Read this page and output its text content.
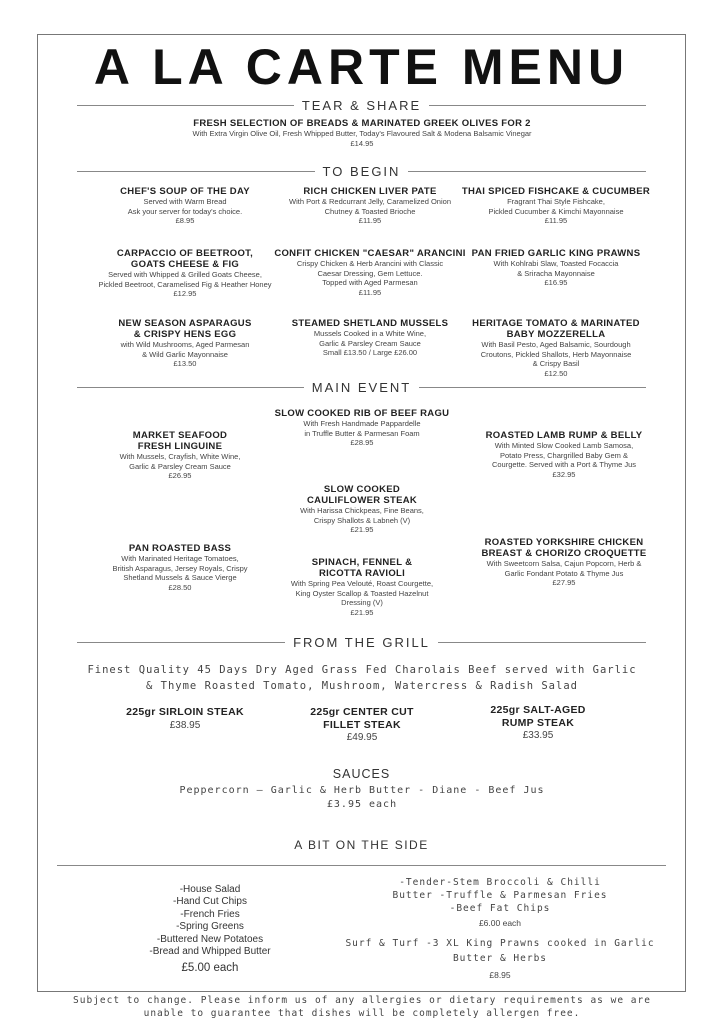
A LA CARTE MENU
TEAR & SHARE
FRESH SELECTION OF BREADS & MARINATED GREEK OLIVES FOR 2
With Extra Virgin Olive Oil, Fresh Whipped Butter, Today's Flavoured Salt & Modena Balsamic Vinegar
£14.95
TO BEGIN
CHEF'S SOUP OF THE DAY
Served with Warm Bread
Ask your server for today's choice.
£8.95
RICH CHICKEN LIVER PATE
With Port & Redcurrant Jelly, Caramelized Onion
Chutney & Toasted Brioche
£11.95
THAI SPICED FISHCAKE & CUCUMBER
Fragrant Thai Style Fishcake,
Pickled Cucumber & Kimchi Mayonnaise
£11.95
CARPACCIO OF BEETROOT,
GOATS CHEESE & FIG
Served with Whipped & Grilled Goats Cheese,
Pickled Beetroot, Caramelised Fig & Heather Honey
£12.95
CONFIT CHICKEN "CAESAR" ARANCINI
Crispy Chicken & Herb Arancini with Classic
Caesar Dressing, Gem Lettuce.
Topped with Aged Parmesan
£11.95
PAN FRIED GARLIC KING PRAWNS
With Kohlrabi Slaw, Toasted Focaccia
& Sriracha Mayonnaise
£16.95
NEW SEASON ASPARAGUS
& CRISPY HENS EGG
with Wild Mushrooms, Aged Parmesan
& Wild Garlic Mayonnaise
£13.50
STEAMED SHETLAND MUSSELS
Mussels Cooked in a White Wine,
Garlic & Parsley Cream Sauce
Small £13.50 / Large £26.00
HERITAGE TOMATO & MARINATED
BABY MOZZERELLA
With Basil Pesto, Aged Balsamic, Sourdough
Croutons, Pickled Shallots, Herb Mayonnaise
& Crispy Basil
£12.50
MAIN EVENT
SLOW COOKED RIB OF BEEF RAGU
With Fresh Handmade Pappardelle
in Truffle Butter & Parmesan Foam
£28.95
MARKET SEAFOOD
FRESH LINGUINE
With Mussels, Crayfish, White Wine,
Garlic & Parsley Cream Sauce
£26.95
ROASTED LAMB RUMP & BELLY
With Minted Slow Cooked Lamb Samosa,
Potato Press, Chargrilled Baby Gem &
Courgette. Served with a Port & Thyme Jus
£32.95
SLOW COOKED
CAULIFLOWER STEAK
With Harissa Chickpeas, Fine Beans,
Crispy Shallots & Labneh (V)
£21.95
PAN ROASTED BASS
With Marinated Heritage Tomatoes,
British Asparagus, Jersey Royals, Crispy
Shetland Mussels & Sauce Vierge
£28.50
SPINACH, FENNEL &
RICOTTA RAVIOLI
With Spring Pea Velouté, Roast Courgette,
King Oyster Scallop & Toasted Hazelnut
Dressing (V)
£21.95
ROASTED YORKSHIRE CHICKEN
BREAST & CHORIZO CROQUETTE
With Sweetcorn Salsa, Cajun Popcorn, Herb &
Garlic Fondant Potato & Thyme Jus
£27.95
FROM THE GRILL
Finest Quality 45 Days Dry Aged Grass Fed Charolais Beef served with Garlic
& Thyme Roasted Tomato, Mushroom, Watercress & Radish Salad
225gr SIRLOIN STEAK
£38.95
225gr CENTER CUT
FILLET STEAK
£49.95
225gr SALT-AGED
RUMP STEAK
£33.95
SAUCES
Peppercorn – Garlic & Herb Butter - Diane - Beef Jus
£3.95 each
A BIT ON THE SIDE
-House Salad
-Hand Cut Chips
-French Fries
-Spring Greens
-Buttered New Potatoes
-Bread and Whipped Butter
£5.00 each
-Tender-Stem Broccoli & Chilli
Butter -Truffle & Parmesan Fries
-Beef Fat Chips
£6.00 each
Surf & Turf -3 XL King Prawns cooked in Garlic
Butter & Herbs
£8.95
Subject to change. Please inform us of any allergies or dietary requirements as we are
unable to guarantee that dishes will be completely allergen free.
